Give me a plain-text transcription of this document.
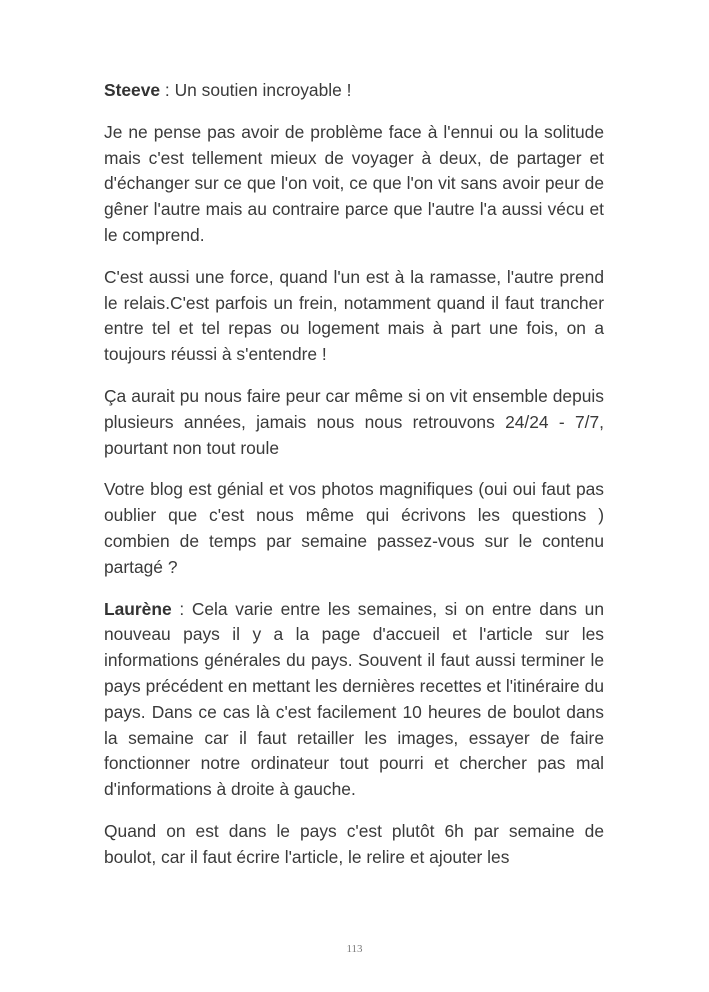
Steeve : Un soutien incroyable !

Je ne pense pas avoir de problème face à l'ennui ou la solitude mais c'est tellement mieux de voyager à deux, de partager et d'échanger sur ce que l'on voit, ce que l'on vit sans avoir peur de gêner l'autre mais au contraire parce que l'autre l'a aussi vécu et le comprend.

C'est aussi une force, quand l'un est à la ramasse, l'autre prend le relais.C'est parfois un frein, notamment quand il faut trancher entre tel et tel repas ou logement mais à part une fois, on a toujours réussi à s'entendre !

Ça aurait pu nous faire peur car même si on vit ensemble depuis plusieurs années, jamais nous nous retrouvons 24/24 - 7/7, pourtant non tout roule

Votre blog est génial et vos photos magnifiques (oui oui faut pas oublier que c'est nous même qui écrivons les questions ) combien de temps par semaine passez-vous sur le contenu partagé ?

Laurène : Cela varie entre les semaines, si on entre dans un nouveau pays il y a la page d'accueil et l'article sur les informations générales du pays. Souvent il faut aussi terminer le pays précédent en mettant les dernières recettes et l'itinéraire du pays. Dans ce cas là c'est facilement 10 heures de boulot dans la semaine car il faut retailler les images, essayer de faire fonctionner notre ordinateur tout pourri et chercher pas mal d'informations à droite à gauche.

Quand on est dans le pays c'est plutôt 6h par semaine de boulot, car il faut écrire l'article, le relire et ajouter les

113
